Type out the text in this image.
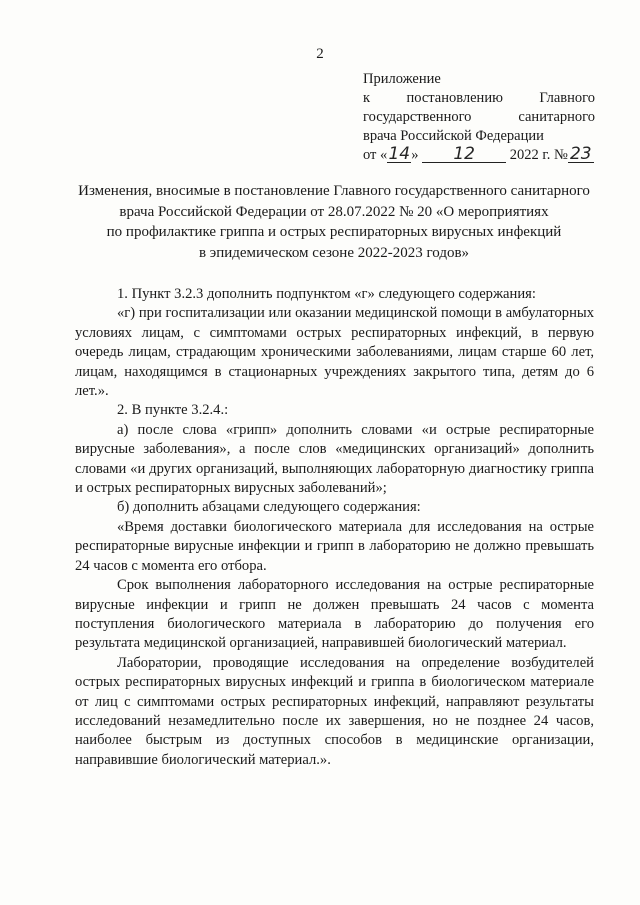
2
Приложение
к постановлению Главного государственного санитарного
врача Российской Федерации
от «14» 12 2022 г. № 23
Изменения, вносимые в постановление Главного государственного санитарного
врача Российской Федерации от 28.07.2022 № 20 «О мероприятиях
по профилактике гриппа и острых респираторных вирусных инфекций
в эпидемическом сезоне 2022-2023 годов»

1. Пункт 3.2.3 дополнить подпунктом «г» следующего содержания:

«г) при госпитализации или оказании медицинской помощи в амбулаторных условиях лицам, с симптомами острых респираторных инфекций, в первую очередь лицам, страдающим хроническими заболеваниями, лицам старше 60 лет, лицам, находящимся в стационарных учреждениях закрытого типа, детям до 6 лет.».

2. В пункте 3.2.4.:

а) после слова «грипп» дополнить словами «и острые респираторные вирусные заболевания», а после слов «медицинских организаций» дополнить словами «и других организаций, выполняющих лабораторную диагностику гриппа и острых респираторных вирусных заболеваний»;

б) дополнить абзацами следующего содержания:

«Время доставки биологического материала для исследования на острые респираторные вирусные инфекции и грипп в лабораторию не должно превышать 24 часов с момента его отбора.

Срок выполнения лабораторного исследования на острые респираторные вирусные инфекции и грипп не должен превышать 24 часов с момента поступления биологического материала в лабораторию до получения его результата медицинской организацией, направившей биологический материал.

Лаборатории, проводящие исследования на определение возбудителей острых респираторных вирусных инфекций и гриппа в биологическом материале от лиц с симптомами острых респираторных инфекций, направляют результаты исследований незамедлительно после их завершения, но не позднее 24 часов, наиболее быстрым из доступных способов в медицинские организации, направившие биологический материал.».
